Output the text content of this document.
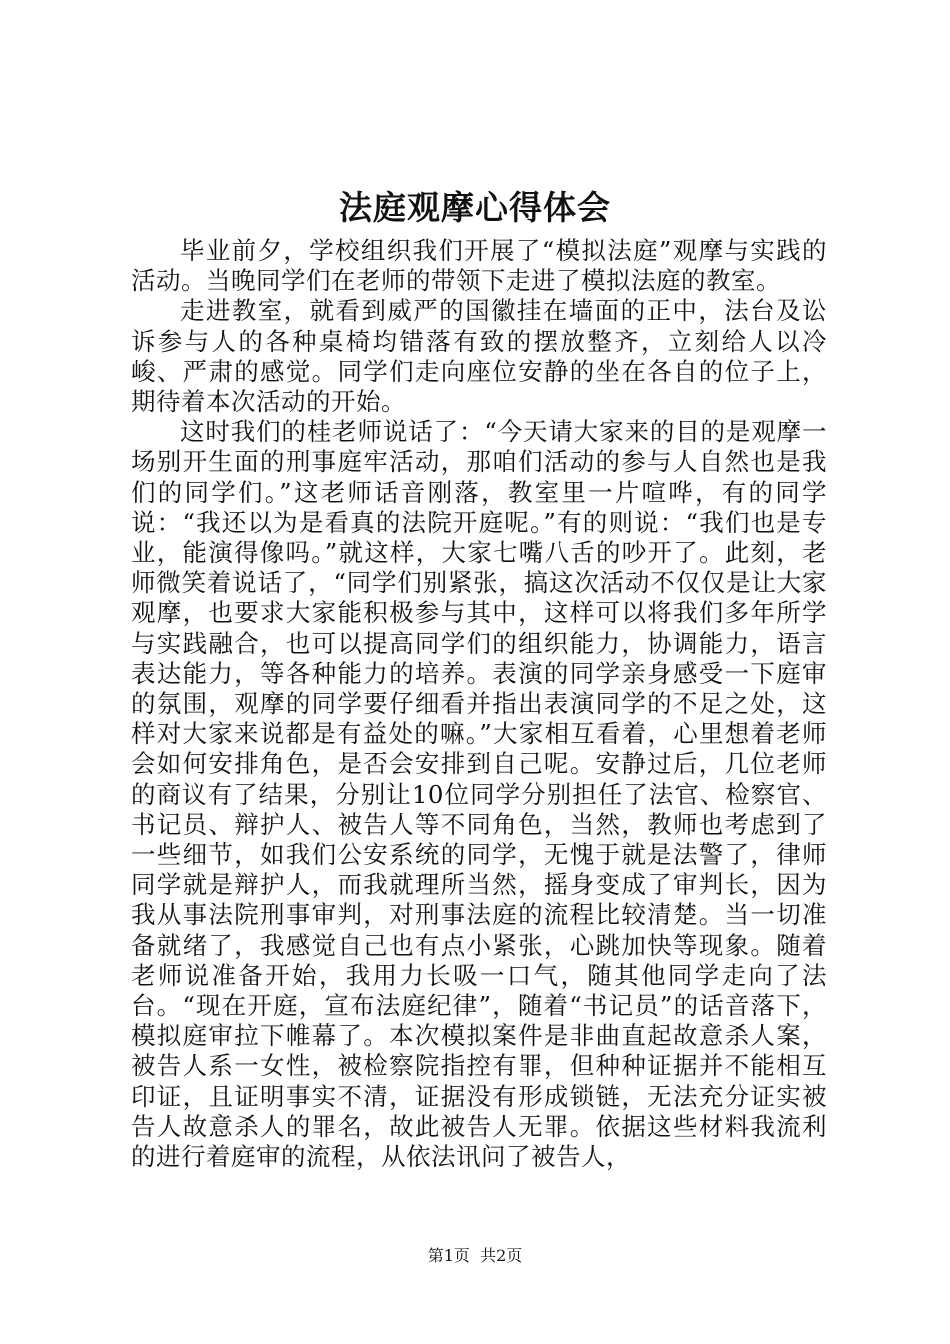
法庭观摩心得体会

毕业前夕，学校组织我们开展了“模拟法庭”观摩与实践的活动。当晚同学们在老师的带领下走进了模拟法庭的教室。

走进教室，就看到威严的国徽挂在墙面的正中，法台及讼诉参与人的各种桌椅均错落有致的摆放整齐，立刻给人以冷峻、严肃的感觉。同学们走向座位安静的坐在各自的位子上，期待着本次活动的开始。

这时我们的桂老师说话了：“今天请大家来的目的是观摩一场别开生面的刑事庭牢活动，那咱们活动的参与人自然也是我们的同学们。”这老师话音刚落，教室里一片喧哗，有的同学说：“我还以为是看真的法院开庭呢。”有的则说：“我们也是专业，能演得像吗。”就这样，大家七嘴八舌的吵开了。此刻，老师微笑着说话了，“同学们别紧张，搞这次活动不仅仅是让大家观摩，也要求大家能积极参与其中，这样可以将我们多年所学与实践融合，也可以提高同学们的组织能力，协调能力，语言表达能力，等各种能力的培养。表演的同学亲身感受一下庭审的氛围，观摩的同学要仔细看并指出表演同学的不足之处，这样对大家来说都是有益处的嘛。”大家相互看着，心里想着老师会如何安排角色，是否会安排到自己呢。安静过后，几位老师的商议有了结果，分别让10位同学分别担任了法官、检察官、书记员、辩护人、被告人等不同角色，当然，教师也考虑到了一些细节，如我们公安系统的同学，无愧于就是法警了，律师同学就是辩护人，而我就理所当然，摇身变成了审判长，因为我从事法院刑事审判，对刑事法庭的流程比较清楚。当一切准备就绪了，我感觉自己也有点小紧张，心跳加快等现象。随着老师说准备开始，我用力长吸一口气，随其他同学走向了法台。“现在开庭，宣布法庭纪律”，随着“书记员”的话音落下，模拟庭审拉下帷幕了。本次模拟案件是非曲直起故意杀人案，被告人系一女性，被检察院指控有罪，但种种证据并不能相互印证，且证明事实不清，证据没有形成锁链，无法充分证实被告人故意杀人的罪名，故此被告人无罪。依据这些材料我流利的进行着庭审的流程，从依法讯问了被告人，

第1页 共2页
